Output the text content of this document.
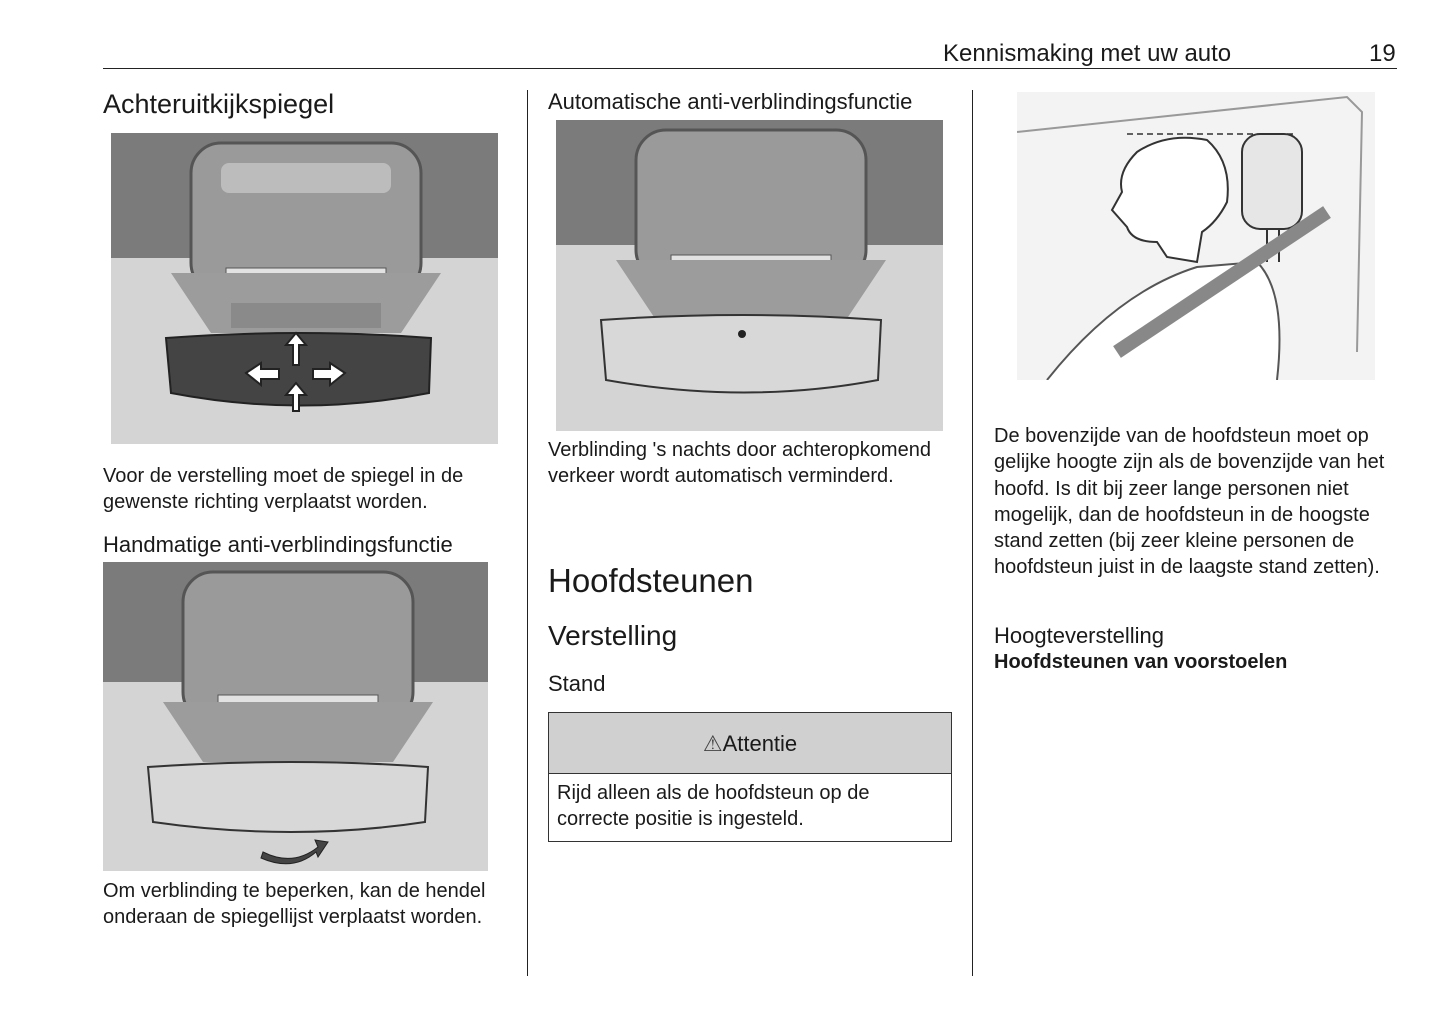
Kennismaking met uw auto	19
Achteruitkijkspiegel
Voor de verstelling moet de spiegel in de gewenste richting verplaatst worden.
Handmatige anti-verblindingsfunctie
Om verblinding te beperken, kan de hendel onderaan de spiegellijst verplaatst worden.
Automatische anti-verblindingsfunctie
Verblinding 's nachts door achteropkomend verkeer wordt automatisch verminderd.
Hoofdsteunen
Verstelling
Stand
⚠Attentie
Rijd alleen als de hoofdsteun op de correcte positie is ingesteld.
De bovenzijde van de hoofdsteun moet op gelijke hoogte zijn als de bovenzijde van het hoofd. Is dit bij zeer lange personen niet mogelijk, dan de hoofdsteun in de hoogste stand zetten (bij zeer kleine personen de hoofdsteun juist in de laagste stand zetten).
Hoogteverstelling
Hoofdsteunen van voorstoelen
